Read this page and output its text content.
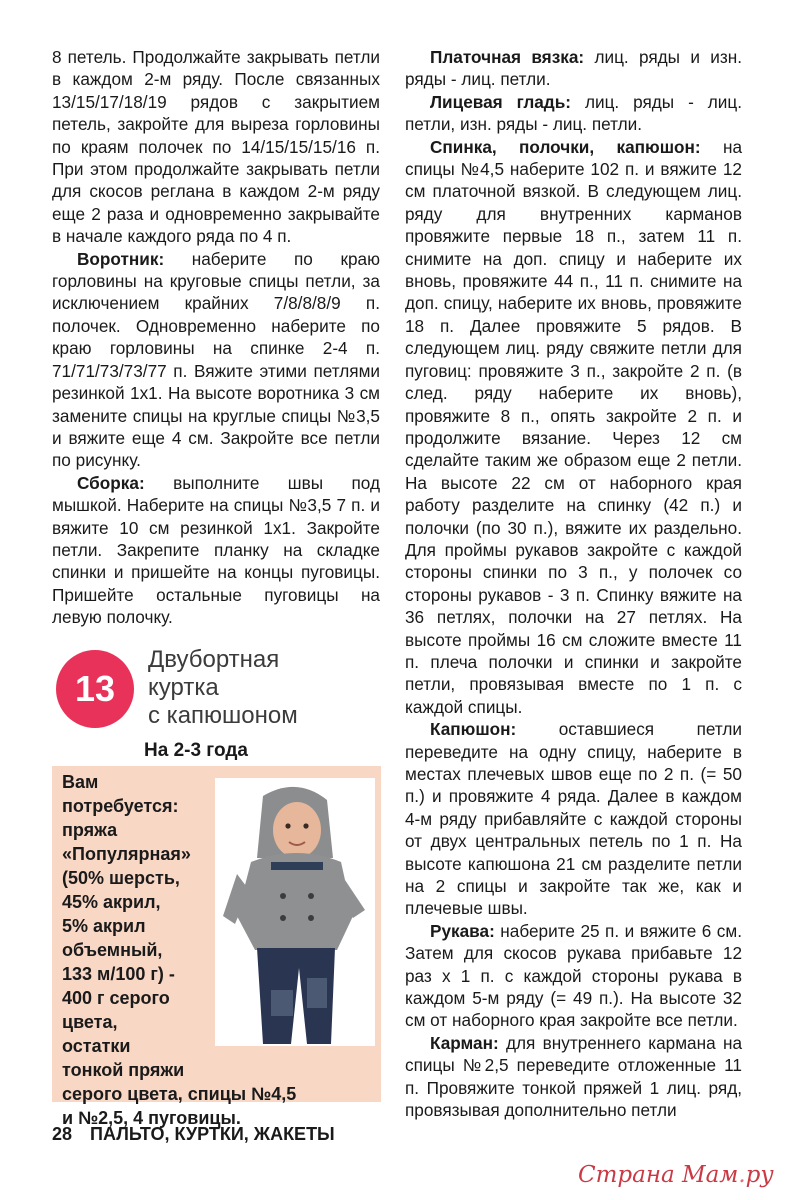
8 петель. Продолжайте закрывать петли в каждом 2-м ряду. После связанных 13/15/17/18/19 рядов с закрытием петель, закройте для выреза горловины по краям полочек по 14/15/15/15/16 п. При этом продолжайте закрывать петли для скосов реглана в каждом 2-м ряду еще 2 раза и одновременно закрывайте в начале каждого ряда по 4 п.

Воротник: наберите по краю горловины на круговые спицы петли, за исключением крайних 7/8/8/8/9 п. полочек. Одновременно наберите по краю горловины на спинке 2-4 п. 71/71/73/73/77 п. Вяжите этими петлями резинкой 1х1. На высоте воротника 3 см замените спицы на круглые спицы №3,5 и вяжите еще 4 см. Закройте все петли по рисунку.

Сборка: выполните швы под мышкой. Наберите на спицы №3,5 7 п. и вяжите 10 см резинкой 1х1. Закройте петли. Закрепите планку на складке спинки и пришейте на концы пуговицы. Пришейте остальные пуговицы на левую полочку.

13
Двубортная
куртка
с капюшоном
На 2-3 года
Вам
потребуется:
пряжа
«Популярная»
(50% шерсть,
45% акрил,
5% акрил
объемный,
133 м/100 г) -
400 г серого
цвета,
остатки
тонкой пряжи
серого цвета, спицы №4,5
и №2,5, 4 пуговицы.

Платочная вязка: лиц. ряды и изн. ряды - лиц. петли.

Лицевая гладь: лиц. ряды - лиц. петли, изн. ряды - лиц. петли.

Спинка, полочки, капюшон: на спицы №4,5 наберите 102 п. и вяжите 12 см платочной вязкой. В следующем лиц. ряду для внутренних карманов провяжите первые 18 п., затем 11 п. снимите на доп. спицу и наберите их вновь, провяжите 44 п., 11 п. снимите на доп. спицу, наберите их вновь, провяжите 18 п. Далее провяжите 5 рядов. В следующем лиц. ряду свяжите петли для пуговиц: провяжите 3 п., закройте 2 п. (в след. ряду наберите их вновь), провяжите 8 п., опять закройте 2 п. и продолжите вязание. Через 12 см сделайте таким же образом еще 2 петли. На высоте 22 см от наборного края работу разделите на спинку (42 п.) и полочки (по 30 п.), вяжите их раздельно. Для проймы рукавов закройте с каждой стороны спинки по 3 п., у полочек со стороны рукавов - 3 п. Спинку вяжите на 36 петлях, полочки на 27 петлях. На высоте проймы 16 см сложите вместе 11 п. плеча полочки и спинки и закройте петли, провязывая вместе по 1 п. с каждой спицы.

Капюшон: оставшиеся петли переведите на одну спицу, наберите в местах плечевых швов еще по 2 п. (= 50 п.) и провяжите 4 ряда. Далее в каждом 4-м ряду прибавляйте с каждой стороны от двух центральных петель по 1 п. На высоте капюшона 21 см разделите петли на 2 спицы и закройте так же, как и плечевые швы.

Рукава: наберите 25 п. и вяжите 6 см. Затем для скосов рукава прибавьте 12 раз х 1 п. с каждой стороны рукава в каждом 5-м ряду (= 49 п.). На высоте 32 см от наборного края закройте все петли.

Карман: для внутреннего кармана на спицы №2,5 переведите отложенные 11 п. Провяжите тонкой пряжей 1 лиц. ряд, провязывая дополнительно петли

28 ПАЛЬТО, КУРТКИ, ЖАКЕТЫ
Страна Мам.ру
